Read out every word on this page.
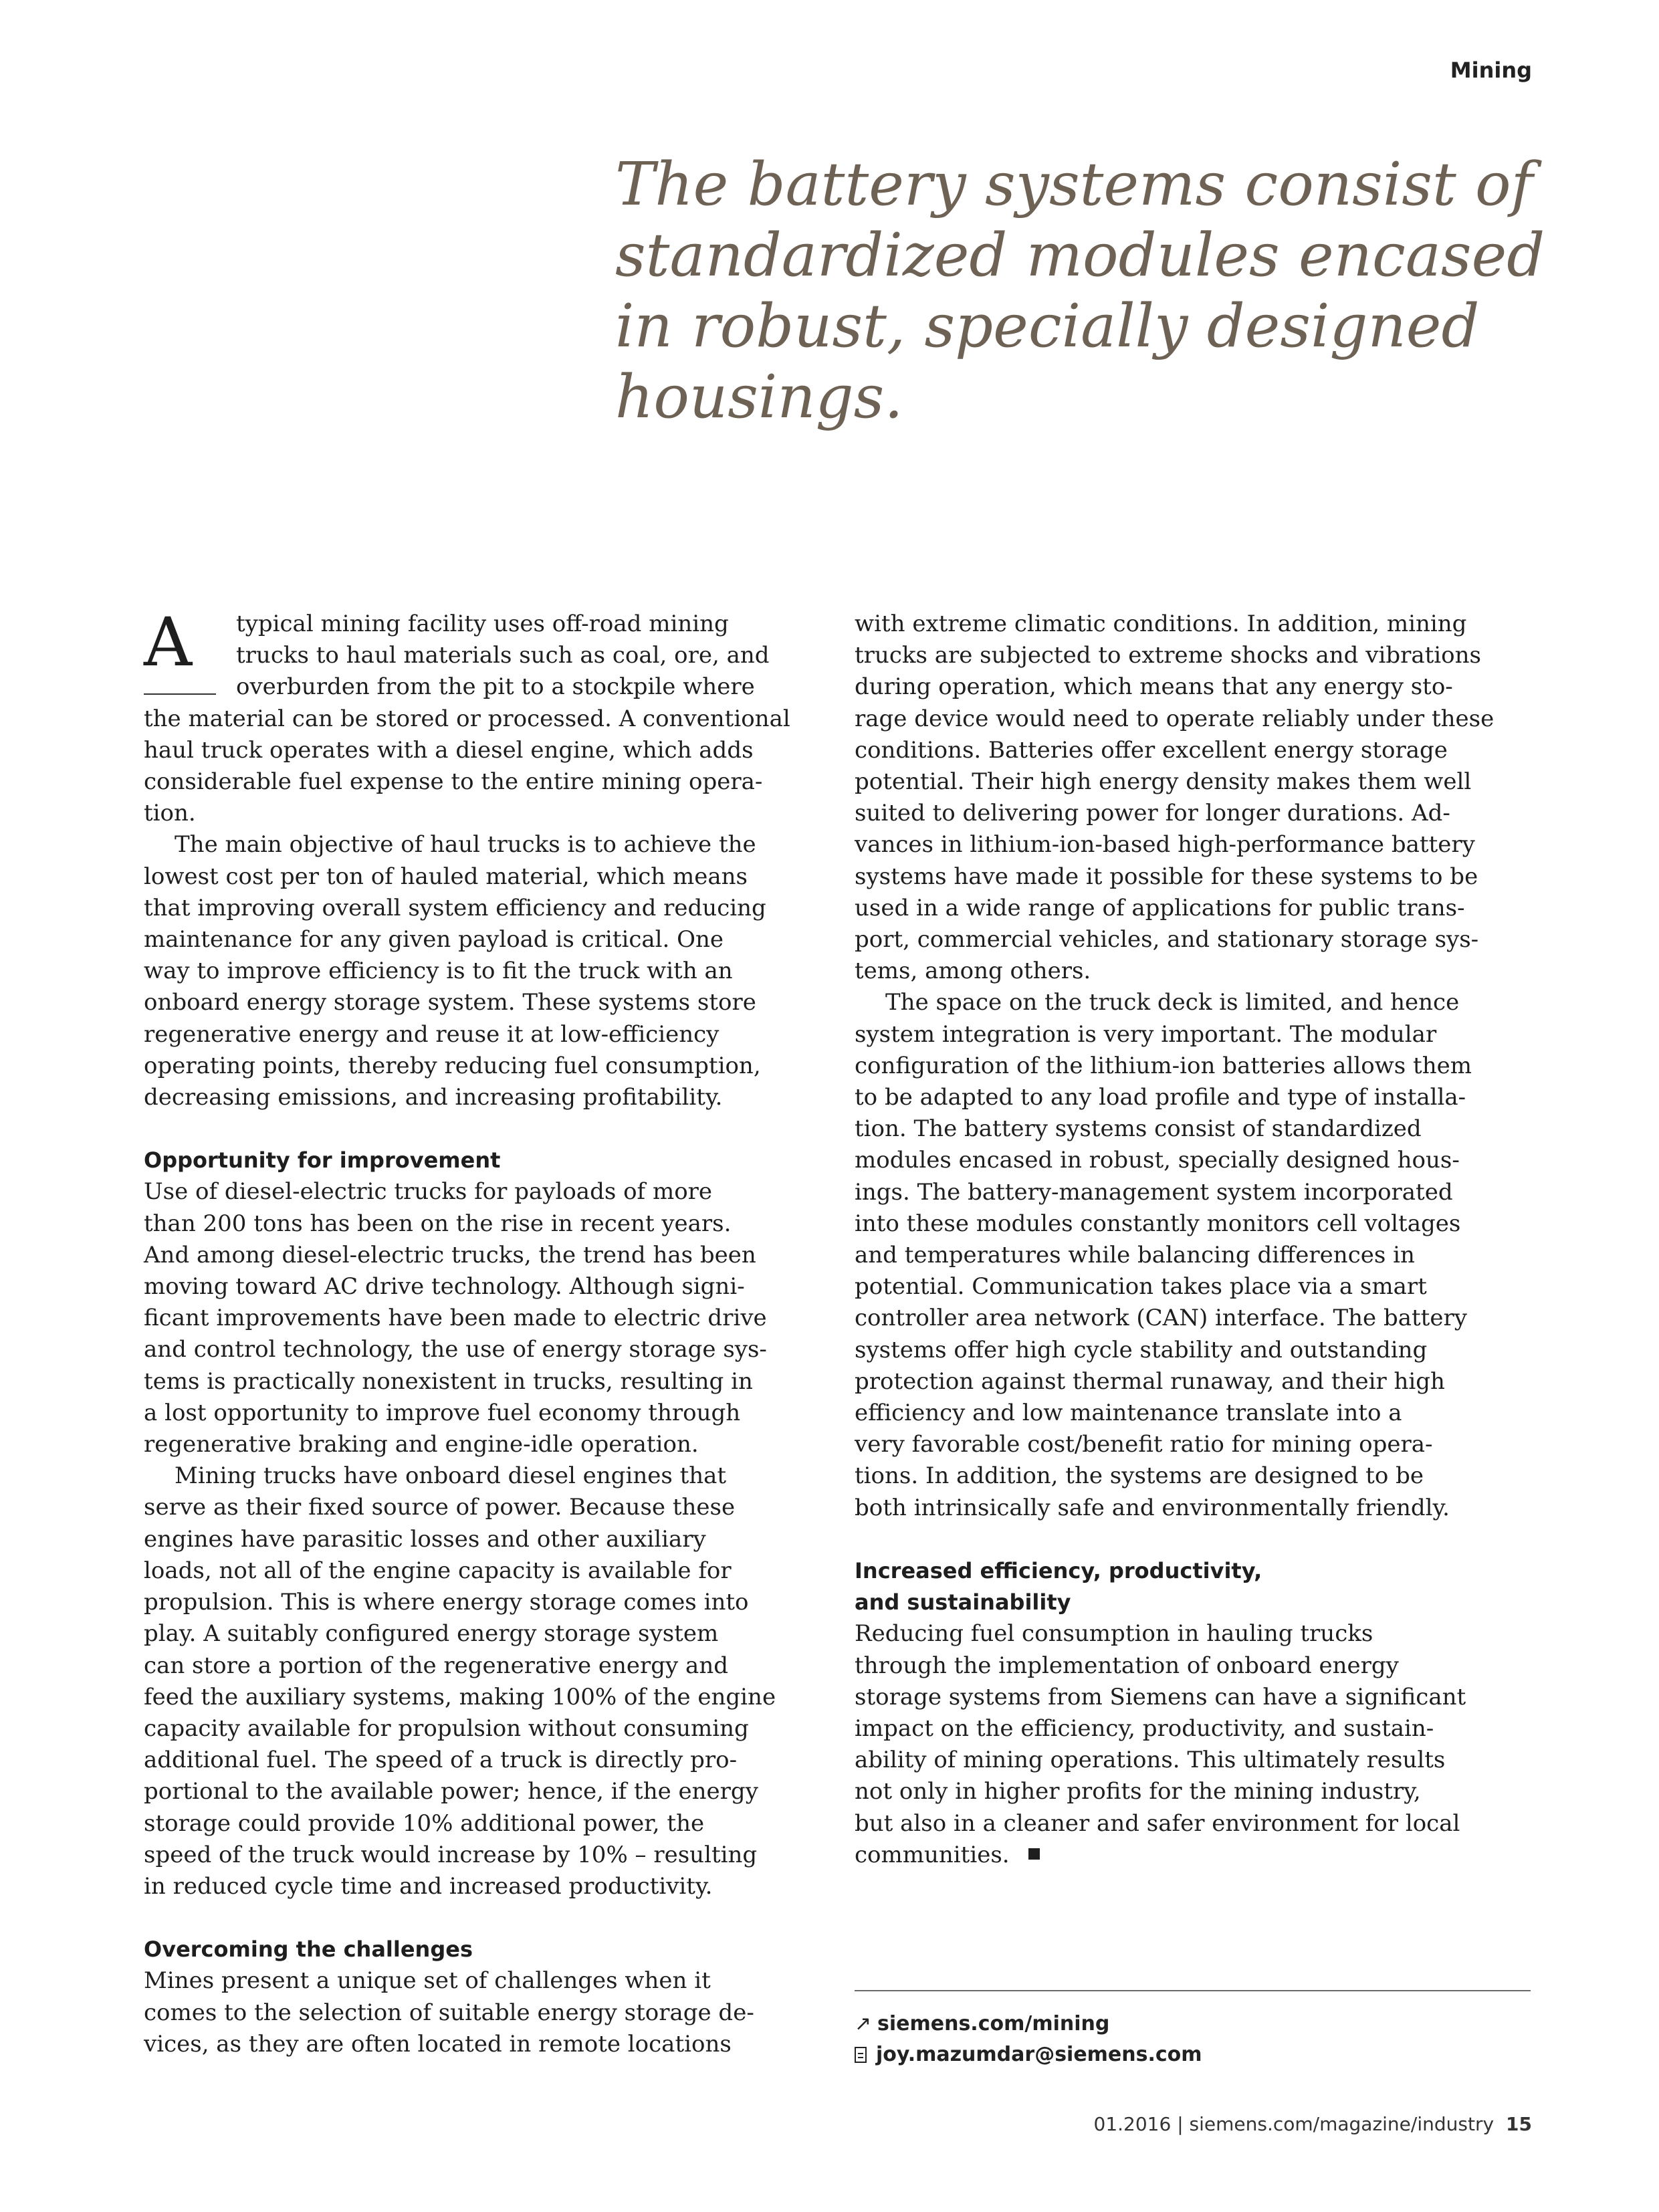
Mining
The battery systems consist of
standardized modules encased
in robust, specially designed
housings.
A	typical mining facility uses off-road mining
trucks to haul materials such as coal, ore, and
overburden from the pit to a stockpile where
the material can be stored or processed. A conventional
haul truck operates with a diesel engine, which adds
considerable fuel expense to the entire mining opera-
tion.
The main objective of haul trucks is to achieve the
lowest cost per ton of hauled material, which means
that improving overall system efficiency and reducing
maintenance for any given payload is critical. One
way to improve efficiency is to fit the truck with an
onboard energy storage system. These systems store
regenerative energy and reuse it at low-efficiency
operating points, thereby reducing fuel consumption,
decreasing emissions, and increasing profitability.
Opportunity for improvement
Use of diesel-electric trucks for payloads of more
than 200 tons has been on the rise in recent years.
And among diesel-electric trucks, the trend has been
moving toward AC drive technology. Although signi-
ficant improvements have been made to electric drive
and control technology, the use of energy storage sys-
tems is practically nonexistent in trucks, resulting in
a lost opportunity to improve fuel economy through
regenerative braking and engine-idle operation.
Mining trucks have onboard diesel engines that
serve as their fixed source of power. Because these
engines have parasitic losses and other auxiliary
loads, not all of the engine capacity is available for
propulsion. This is where energy storage comes into
play. A suitably configured energy storage system
can store a portion of the regenerative energy and
feed the auxiliary systems, making 100% of the engine
capacity available for propulsion without consuming
additional fuel. The speed of a truck is directly pro-
portional to the available power; hence, if the energy
storage could provide 10% additional power, the
speed of the truck would increase by 10% – resulting
in reduced cycle time and increased productivity.
Overcoming the challenges
Mines present a unique set of challenges when it
comes to the selection of suitable energy storage de-
vices, as they are often located in remote locations
with extreme climatic conditions. In addition, mining
trucks are subjected to extreme shocks and vibrations
during operation, which means that any energy sto-
rage device would need to operate reliably under these
conditions. Batteries offer excellent energy storage
potential. Their high energy density makes them well
suited to delivering power for longer durations. Ad-
vances in lithium-ion-based high-performance battery
systems have made it possible for these systems to be
used in a wide range of applications for public trans-
port, commercial vehicles, and stationary storage sys-
tems, among others.
The space on the truck deck is limited, and hence
system integration is very important. The modular
configuration of the lithium-ion batteries allows them
to be adapted to any load profile and type of installa-
tion. The battery systems consist of standardized
modules encased in robust, specially designed hous-
ings. The battery-management system incorporated
into these modules constantly monitors cell voltages
and temperatures while balancing differences in
potential. Communication takes place via a smart
controller area network (CAN) interface. The battery
systems offer high cycle stability and outstanding
protection against thermal runaway, and their high
efficiency and low maintenance translate into a
very favorable cost/benefit ratio for mining opera-
tions. In addition, the systems are designed to be
both intrinsically safe and environmentally friendly.
Increased efficiency, productivity,
and sustainability
Reducing fuel consumption in hauling trucks
through the implementation of onboard energy
storage systems from Siemens can have a significant
impact on the efficiency, productivity, and sustain-
ability of mining operations. This ultimately results
not only in higher profits for the mining industry,
but also in a cleaner and safer environment for local
communities.
↗ siemens.com/mining
joy.mazumdar@siemens.com
01.2016 | siemens.com/magazine/industry 15
